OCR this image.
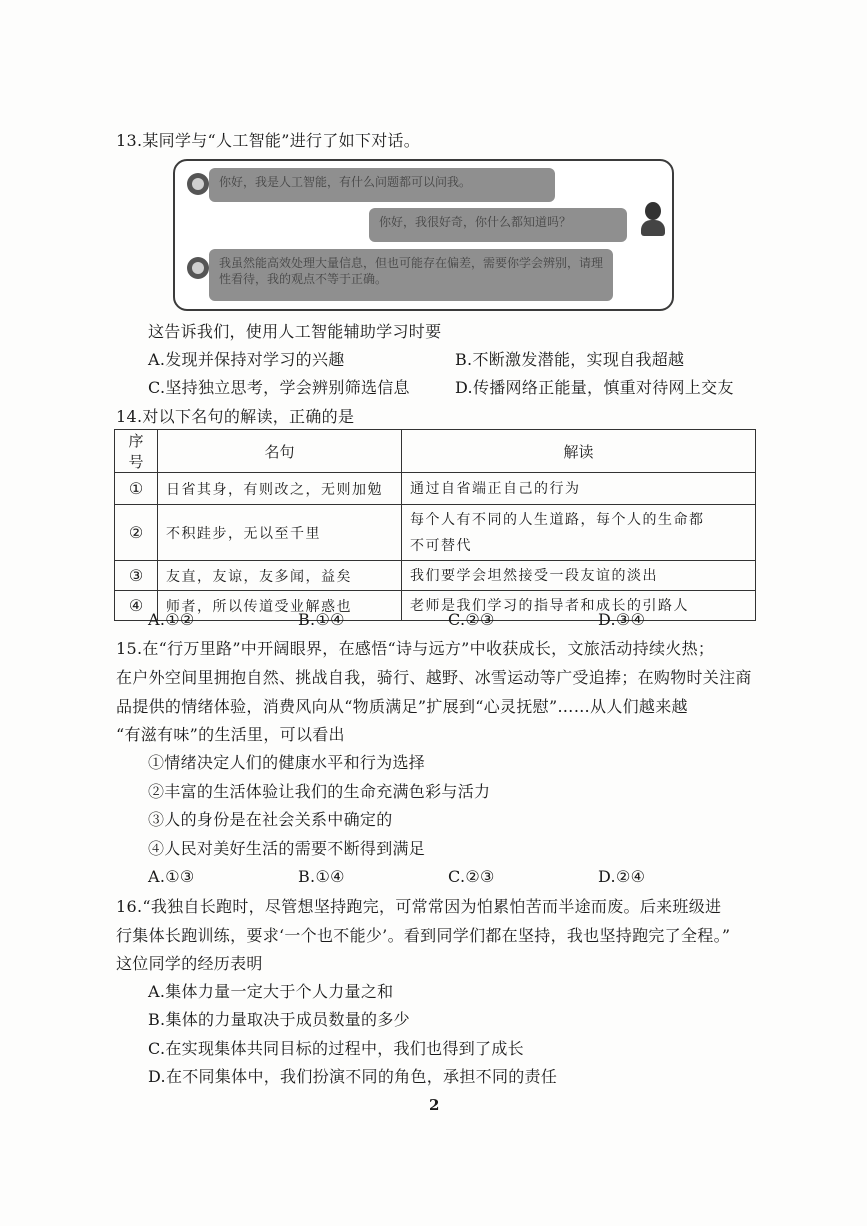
13.某同学与“人工智能”进行了如下对话。
你好，我是人工智能，有什么问题都可以问我。
你好，我很好奇，你什么都知道吗？
我虽然能高效处理大量信息，但也可能存在偏差，需要你学会辨别，请理性看待，我的观点不等于正确。
这告诉我们，使用人工智能辅助学习时要
A.发现并保持对学习的兴趣	B.不断激发潜能，实现自我超越
C.坚持独立思考，学会辨别筛选信息	D.传播网络正能量，慎重对待网上交友
14.对以下名句的解读，正确的是
序号	名句	解读
①	日省其身，有则改之，无则加勉	通过自省端正自己的行为
②	不积跬步，无以至千里	每个人有不同的人生道路，每个人的生命都
不可替代
③	友直，友谅，友多闻，益矣	我们要学会坦然接受一段友谊的淡出
④	师者，所以传道受业解惑也	老师是我们学习的指导者和成长的引路人
A.①②	B.①④	C.②③	D.③④
15.在“行万里路”中开阔眼界，在感悟“诗与远方”中收获成长，文旅活动持续火热；
在户外空间里拥抱自然、挑战自我，骑行、越野、冰雪运动等广受追捧；在购物时关注商
品提供的情绪体验，消费风向从“物质满足”扩展到“心灵抚慰”……从人们越来越
“有滋有味”的生活里，可以看出
①情绪决定人们的健康水平和行为选择
②丰富的生活体验让我们的生命充满色彩与活力
③人的身份是在社会关系中确定的
④人民对美好生活的需要不断得到满足
A.①③	B.①④	C.②③	D.②④
16.“我独自长跑时，尽管想坚持跑完，可常常因为怕累怕苦而半途而废。后来班级进
行集体长跑训练，要求‘一个也不能少’。看到同学们都在坚持，我也坚持跑完了全程。”
这位同学的经历表明
A.集体力量一定大于个人力量之和
B.集体的力量取决于成员数量的多少
C.在实现集体共同目标的过程中，我们也得到了成长
D.在不同集体中，我们扮演不同的角色，承担不同的责任
2
